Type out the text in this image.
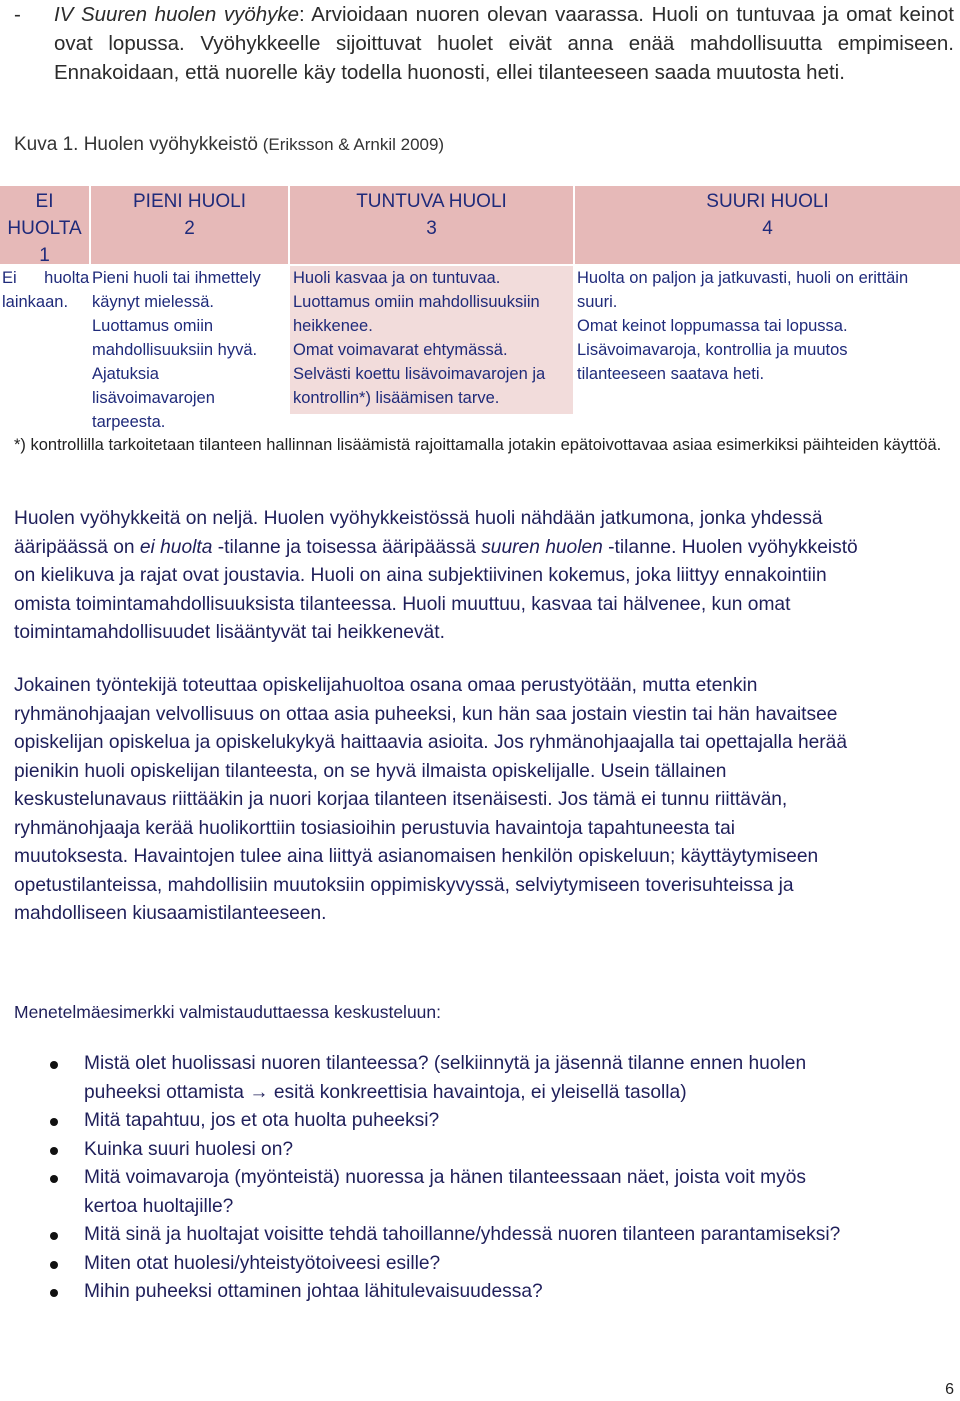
- IV Suuren huolen vyöhyke: Arvioidaan nuoren olevan vaarassa. Huoli on tuntuvaa ja omat keinot ovat lopussa. Vyöhykkeelle sijoittuvat huolet eivät anna enää mahdollisuutta empimiseen. Ennakoidaan, että nuorelle käy todella huonosti, ellei tilanteeseen saada muutosta heti.
Kuva 1. Huolen vyöhykkeistö (Eriksson & Arnkil 2009)
EI
HUOLTA
1
PIENI HUOLI
2
TUNTUVA HUOLI
3
SUURI HUOLI
4
Ei      huolta
lainkaan.
Pieni huoli tai ihmettely
käynyt mielessä.
Luottamus omiin
mahdollisuuksiin hyvä.
Ajatuksia
lisävoimavarojen
tarpeesta.
Huoli kasvaa ja on tuntuvaa.
Luottamus omiin mahdollisuuksiin
heikkenee.
Omat voimavarat ehtymässä.
Selvästi koettu lisävoimavarojen ja
kontrollin*) lisäämisen tarve.
Huolta on paljon ja jatkuvasti, huoli on erittäin
suuri.
Omat keinot loppumassa tai lopussa.
Lisävoimavaroja, kontrollia ja muutos
tilanteeseen saatava heti.
*) kontrollilla tarkoitetaan tilanteen hallinnan lisäämistä rajoittamalla jotakin epätoivottavaa asiaa esimerkiksi päihteiden käyttöä.
Huolen vyöhykkeitä on neljä. Huolen vyöhykkeistössä huoli nähdään jatkumona, jonka yhdessä
ääripäässä on ei huolta -tilanne ja toisessa ääripäässä suuren huolen -tilanne. Huolen vyöhykkeistö
on kielikuva ja rajat ovat joustavia. Huoli on aina subjektiivinen kokemus, joka liittyy ennakointiin
omista toimintamahdollisuuksista tilanteessa. Huoli muuttuu, kasvaa tai hälvenee, kun omat
toimintamahdollisuudet lisääntyvät tai heikkenevät.
Jokainen työntekijä toteuttaa opiskelijahuoltoa osana omaa perustyötään, mutta etenkin
ryhmänohjaajan velvollisuus on ottaa asia puheeksi, kun hän saa jostain viestin tai hän havaitsee
opiskelijan opiskelua ja opiskelukykyä haittaavia asioita. Jos ryhmänohjaajalla tai opettajalla herää
pienikin huoli opiskelijan tilanteesta, on se hyvä ilmaista opiskelijalle. Usein tällainen
keskustelunavaus riittääkin ja nuori korjaa tilanteen itsenäisesti. Jos tämä ei tunnu riittävän,
ryhmänohjaaja kerää huolikorttiin tosiasioihin perustuvia havaintoja tapahtuneesta tai
muutoksesta. Havaintojen tulee aina liittyä asianomaisen henkilön opiskeluun; käyttäytymiseen
opetustilanteissa, mahdollisiin muutoksiin oppimiskyvyssä, selviytymiseen toverisuhteissa ja
mahdolliseen kiusaamistilanteeseen.
Menetelmäesimerkki valmistauduttaessa keskusteluun:
Mistä olet huolissasi nuoren tilanteessa? (selkiinnytä ja jäsennä tilanne ennen huolen
puheeksi ottamista → esitä konkreettisia havaintoja, ei yleisellä tasolla)
Mitä tapahtuu, jos et ota huolta puheeksi?
Kuinka suuri huolesi on?
Mitä voimavaroja (myönteistä) nuoressa ja hänen tilanteessaan näet, joista voit myös
kertoa huoltajille?
Mitä sinä ja huoltajat voisitte tehdä tahoillanne/yhdessä nuoren tilanteen parantamiseksi?
Miten otat huolesi/yhteistyötoiveesi esille?
Mihin puheeksi ottaminen johtaa lähitulevaisuudessa?
6
